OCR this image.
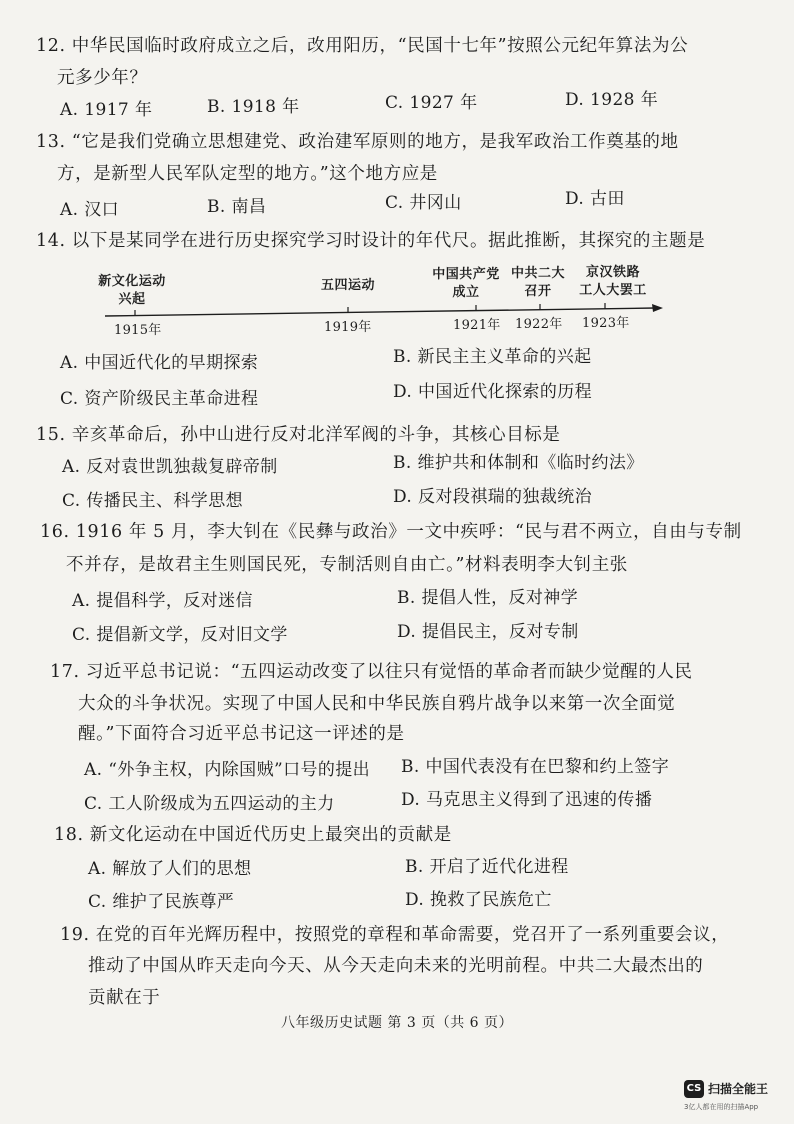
12. 中华民国临时政府成立之后，改用阳历，“民国十七年”按照公元纪年算法为公
元多少年？
A. 1917 年	B. 1918 年	C. 1927 年	D. 1928 年
13. “它是我们党确立思想建党、政治建军原则的地方，是我军政治工作奠基的地
方，是新型人民军队定型的地方。”这个地方应是
A. 汉口	B. 南昌	C. 井冈山	D. 古田
14. 以下是某同学在进行历史探究学习时设计的年代尺。据此推断，其探究的主题是
新文化运动
兴起
1915年
五四运动
1919年
中国共产党
成立
1921年
中共二大
召开
1922年
京汉铁路
工人大罢工
1923年
A. 中国近代化的早期探索	B. 新民主主义革命的兴起
C. 资产阶级民主革命进程	D. 中国近代化探索的历程
15. 辛亥革命后，孙中山进行反对北洋军阀的斗争，其核心目标是
A. 反对袁世凯独裁复辟帝制	B. 维护共和体制和《临时约法》
C. 传播民主、科学思想	D. 反对段祺瑞的独裁统治
16. 1916 年 5 月，李大钊在《民彝与政治》一文中疾呼：“民与君不两立，自由与专制
不并存，是故君主生则国民死，专制活则自由亡。”材料表明李大钊主张
A. 提倡科学，反对迷信	B. 提倡人性，反对神学
C. 提倡新文学，反对旧文学	D. 提倡民主，反对专制
17. 习近平总书记说：“五四运动改变了以往只有觉悟的革命者而缺少觉醒的人民
大众的斗争状况。实现了中国人民和中华民族自鸦片战争以来第一次全面觉
醒。”下面符合习近平总书记这一评述的是
A. “外争主权，内除国贼”口号的提出 B. 中国代表没有在巴黎和约上签字
C. 工人阶级成为五四运动的主力	D. 马克思主义得到了迅速的传播
18. 新文化运动在中国近代历史上最突出的贡献是
A. 解放了人们的思想	B. 开启了近代化进程
C. 维护了民族尊严	D. 挽救了民族危亡
19. 在党的百年光辉历程中，按照党的章程和革命需要，党召开了一系列重要会议，
推动了中国从昨天走向今天、从今天走向未来的光明前程。中共二大最杰出的
贡献在于
八年级历史试题 第 3 页（共 6 页）
CS 扫描全能王
3亿人都在用的扫描App
